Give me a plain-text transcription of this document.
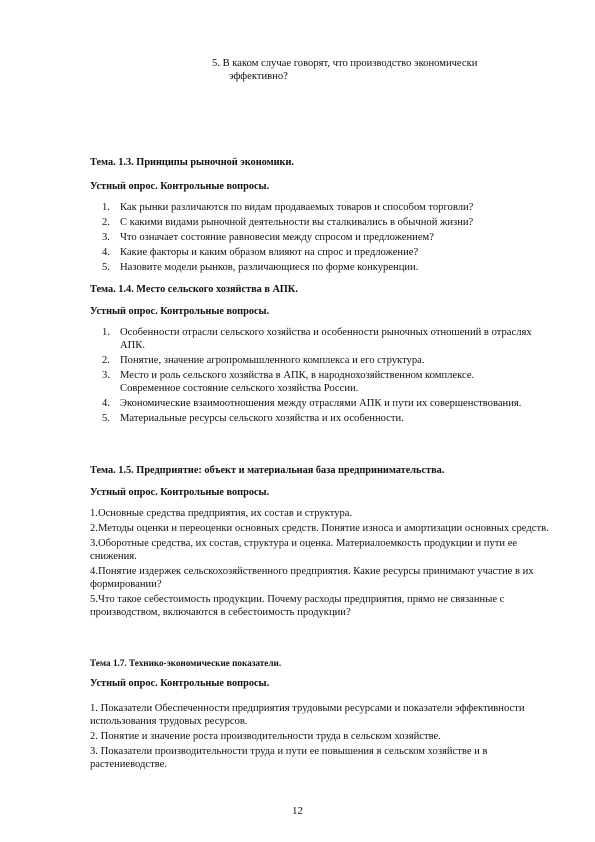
5. В каком случае говорят, что производство экономически
эффективно?
Тема. 1.3. Принципы рыночной экономики.
Устный опрос. Контрольные вопросы.
1. Как рынки различаются по видам продаваемых товаров и способом торговли?
2. С какими видами рыночной деятельности вы сталкивались в обычной жизни?
3. Что означает состояние равновесия между спросом и предложением?
4. Какие факторы и каким образом влияют на спрос и предложение?
5. Назовите модели рынков, различающиеся по форме конкуренции.
Тема. 1.4. Место сельского хозяйства в АПК.
Устный опрос. Контрольные вопросы.
1. Особенности отрасли сельского хозяйства и особенности рыночных отношений в отраслях АПК.
2. Понятие, значение агропромышленного комплекса и его структура.
3. Место и роль сельского хозяйства в АПК, в народнохозяйственном комплексе. Современное состояние сельского хозяйства России.
4. Экономические взаимоотношения между отраслями АПК и пути их совершенствования.
5. Материальные ресурсы сельского хозяйства и их особенности.
Тема. 1.5. Предприятие: объект и материальная база предпринимательства.
Устный опрос. Контрольные вопросы.

1.Основные средства предприятия, их состав и структура.

2.Методы оценки и переоценки основных средств. Понятие износа и амортизации основных средств.

3.Оборотные средства, их состав, структура и оценка. Материалоемкость продукции и пути ее снижения.

4.Понятие издержек сельскохозяйственного предприятия. Какие ресурсы принимают участие в их формировании?

5.Что такое себестоимость продукции. Почему расходы предприятия, прямо не связанные с производством, включаются в себестоимость продукции?

Тема 1.7. Технико-экономические показатели.
Устный опрос. Контрольные вопросы.

1. Показатели Обеспеченности предприятия трудовыми ресурсами и показатели эффективности использования трудовых ресурсов.

2. Понятие и значение роста производительности труда в сельском хозяйстве.

3. Показатели производительности труда и пути ее повышения в сельском хозяйстве и в растениеводстве.

12
